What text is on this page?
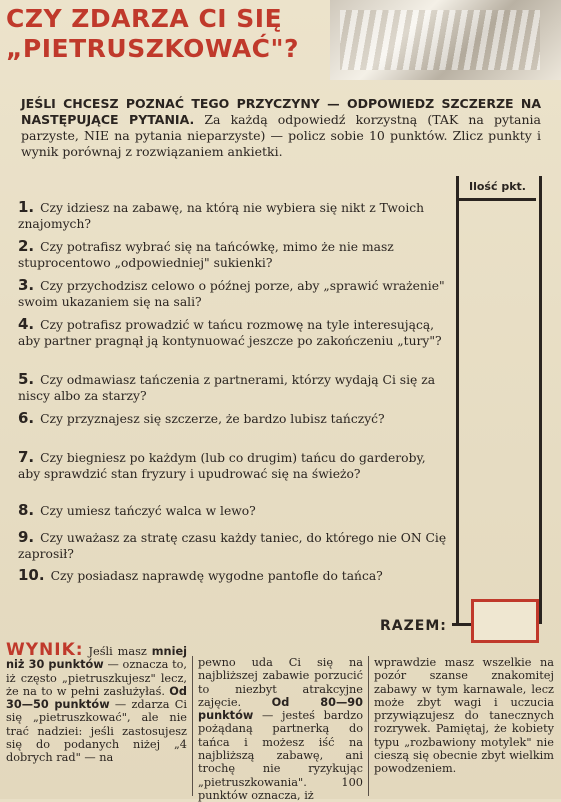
CZY ZDARZA CI SIĘ
„PIETRUSZKOWAĆ"?
JEŚLI CHCESZ POZNAĆ TEGO PRZYCZYNY — ODPOWIEDZ SZCZERZE NA NASTĘPUJĄCE PYTANIA. Za każdą odpowiedź korzystną (TAK na pytania parzyste, NIE na pytania nieparzyste) — policz sobie 10 punktów. Zlicz punkty i wynik porównaj z rozwiązaniem ankietki.
Ilość pkt.
1. Czy idziesz na zabawę, na którą nie wybiera się nikt z Twoich znajomych?
2. Czy potrafisz wybrać się na tańcówkę, mimo że nie masz stuprocentowo „odpowiedniej" sukienki?
3. Czy przychodzisz celowo o późnej porze, aby „sprawić wrażenie" swoim ukazaniem się na sali?
4. Czy potrafisz prowadzić w tańcu rozmowę na tyle interesującą, aby partner pragnął ją kontynuować jeszcze po zakończeniu „tury"?
5. Czy odmawiasz tańczenia z partnerami, którzy wydają Ci się za niscy albo za starzy?
6. Czy przyznajesz się szczerze, że bardzo lubisz tańczyć?
7. Czy biegniesz po każdym (lub co drugim) tańcu do garderoby, aby sprawdzić stan fryzury i upudrować się na świeżo?
8. Czy umiesz tańczyć walca w lewo?
9. Czy uważasz za stratę czasu każdy taniec, do którego nie ON Cię zaprosił?
10. Czy posiadasz naprawdę wygodne pantofle do tańca?
RAZEM:
WYNIK: Jeśli masz mniej niż 30 punktów — oznacza to, iż często „pietruszkujesz" lecz, że na to w pełni zasłużyłaś. Od 30—50 punktów — zdarza Ci się „pietruszkować", ale nie trać nadziei: jeśli zastosujesz się do podanych niżej „4 dobrych rad" — na
pewno uda Ci się na najbliższej zabawie porzucić to niezbyt atrakcyjne zajęcie. Od 80—90 punktów — jesteś bardzo pożądaną partnerką do tańca i możesz iść na najbliższą zabawę, ani trochę nie ryzykując „pietruszkowania". 100 punktów oznacza, iż
wprawdzie masz wszelkie na pozór szanse znakomitej zabawy w tym karnawale, lecz może zbyt wagi i uczucia przywiązujesz do tanecznych rozrywek. Pamiętaj, że kobiety typu „rozbawiony motylek" nie cieszą się obecnie zbyt wielkim powodzeniem.
